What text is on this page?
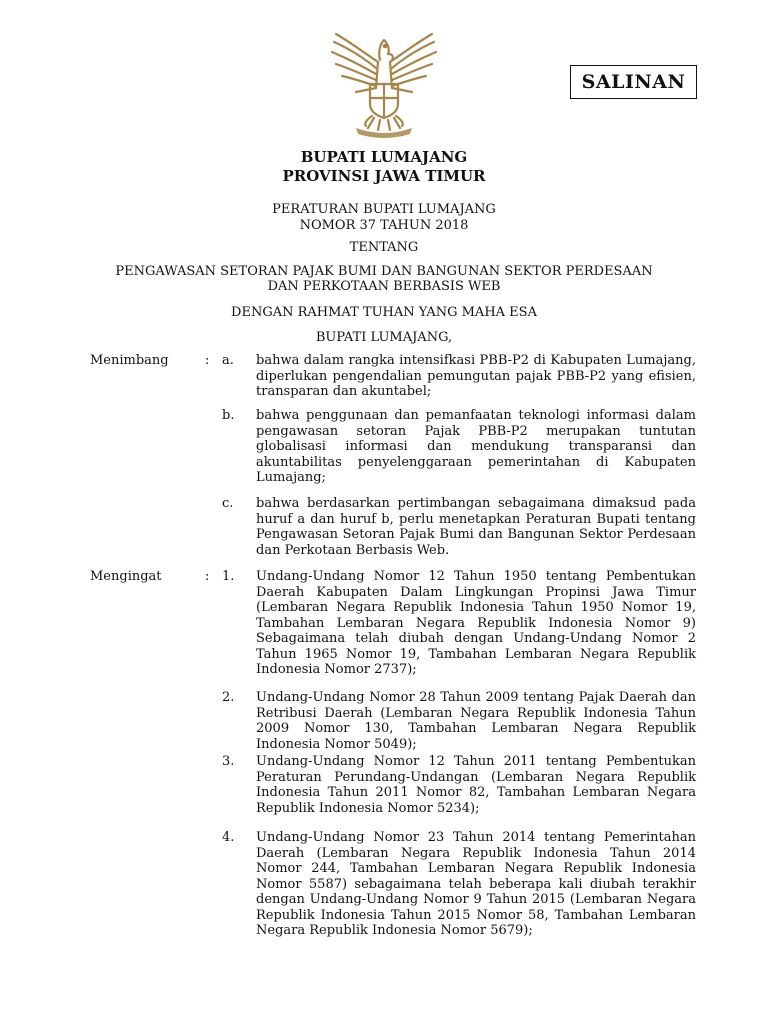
SALINAN
BUPATI LUMAJANG
PROVINSI JAWA TIMUR
PERATURAN BUPATI LUMAJANG
NOMOR 37 TAHUN 2018
TENTANG
PENGAWASAN SETORAN PAJAK BUMI DAN BANGUNAN SEKTOR PERDESAAN
DAN PERKOTAAN BERBASIS WEB
DENGAN RAHMAT TUHAN YANG MAHA ESA
BUPATI LUMAJANG,
Menimbang	: a. bahwa dalam rangka intensifkasi PBB-P2 di Kabupaten Lumajang, diperlukan pengendalian pemungutan pajak PBB-P2 yang efisien, transparan dan akuntabel;
b. bahwa penggunaan dan pemanfaatan teknologi informasi dalam pengawasan setoran Pajak PBB-P2 merupakan tuntutan globalisasi informasi dan mendukung transparansi dan akuntabilitas penyelenggaraan pemerintahan di Kabupaten Lumajang;
c. bahwa berdasarkan pertimbangan sebagaimana dimaksud pada huruf a dan huruf b, perlu menetapkan Peraturan Bupati tentang Pengawasan Setoran Pajak Bumi dan Bangunan Sektor Perdesaan dan Perkotaan Berbasis Web.
Mengingat	: 1. Undang-Undang Nomor 12 Tahun 1950 tentang Pembentukan Daerah Kabupaten Dalam Lingkungan Propinsi Jawa Timur (Lembaran Negara Republik Indonesia Tahun 1950 Nomor 19, Tambahan Lembaran Negara Republik Indonesia Nomor 9) Sebagaimana telah diubah dengan Undang-Undang Nomor 2 Tahun 1965 Nomor 19, Tambahan Lembaran Negara Republik Indonesia Nomor 2737);
2. Undang-Undang Nomor 28 Tahun 2009 tentang Pajak Daerah dan Retribusi Daerah (Lembaran Negara Republik Indonesia Tahun 2009 Nomor 130, Tambahan Lembaran Negara Republik Indonesia Nomor 5049);
3. Undang-Undang Nomor 12 Tahun 2011 tentang Pembentukan Peraturan Perundang-Undangan (Lembaran Negara Republik Indonesia Tahun 2011 Nomor 82, Tambahan Lembaran Negara Republik Indonesia Nomor 5234);
4. Undang-Undang Nomor 23 Tahun 2014 tentang Pemerintahan Daerah (Lembaran Negara Republik Indonesia Tahun 2014 Nomor 244, Tambahan Lembaran Negara Republik Indonesia Nomor 5587) sebagaimana telah beberapa kali diubah terakhir dengan Undang-Undang Nomor 9 Tahun 2015 (Lembaran Negara Republik Indonesia Tahun 2015 Nomor 58, Tambahan Lembaran Negara Republik Indonesia Nomor 5679);
